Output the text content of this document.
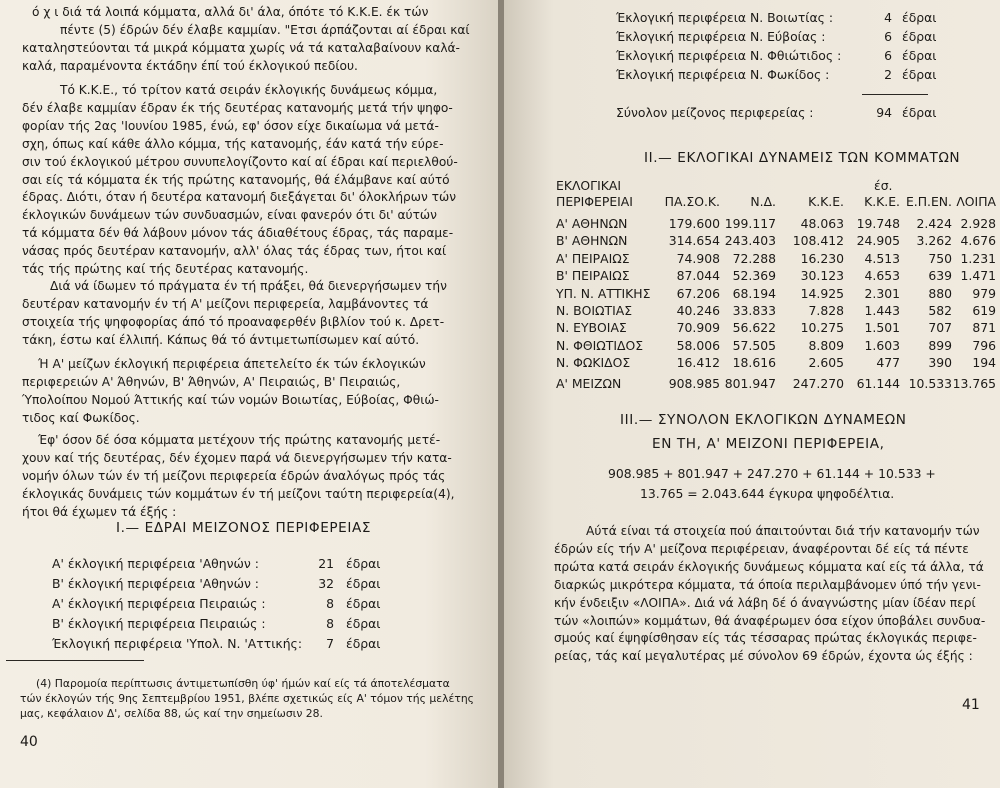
ό χ ι διά τά λοιπά κόμματα, αλλά δι' άλα, όπότε τό Κ.Κ.Ε. έκ τών
πέντε (5) έδρών δέν έλαβε καμμίαν. "Ετσι άρπάζονται αί έδραι καί
καταληστεύονται τά μικρά κόμματα χωρίς νά τά καταλαβαίνουν καλά-
καλά, παραμένοντα έκτάδην έπί τού έκλογικού πεδίου.
Τό Κ.Κ.Ε., τό τρίτον κατά σειράν έκλογικής δυνάμεως κόμμα,
δέν έλαβε καμμίαν έδραν έκ τής δευτέρας κατανομής μετά τήν ψηφο-
φορίαν τής 2ας 'Ιουνίου 1985, ένώ, εφ' όσον είχε δικαίωμα νά μετά-
σχη, όπως καί κάθε άλλο κόμμα, τής κατανομής, έάν κατά τήν εύρε-
σιν τού έκλογικού μέτρου συνυπελογίζοντο καί αί έδραι καί περιελθού-
σαι είς τά κόμματα έκ τής πρώτης κατανομής, θά έλάμβανε καί αύτό
έδρας. Διότι, όταν ή δευτέρα κατανομή διεξάγεται δι' όλοκλήρων τών
έκλογικών δυνάμεων τών συνδυασμών, είναι φανερόν ότι δι' αύτών
τά κόμματα δέν θά λάβουν μόνον τάς άδιαθέτους έδρας, τάς παραμε-
νάσας πρός δευτέραν κατανομήν, αλλ' όλας τάς έδρας των, ήτοι καί
τάς τής πρώτης καί τής δευτέρας κατανομής.
Διά νά ίδωμεν τό πράγματα έν τή πράξει, θά διενεργήσωμεν τήν
δευτέραν κατανομήν έν τή Α' μείζονι περιφερεία, λαμβάνοντες τά
στοιχεία τής ψηφοφορίας άπό τό προαναφερθέν βιβλίον τού κ. Δρετ-
τάκη, έστω καί έλλιπή. Κάπως θά τό άντιμετωπίσωμεν καί αύτό.
Ή Α' μείζων έκλογική περιφέρεια άπετελείτο έκ τών έκλογικών
περιφερειών Α' Άθηνών, Β' Άθηνών, Α' Πειραιώς, Β' Πειραιώς,
Ύπολοίπου Νομού Άττικής καί τών νομών Βοιωτίας, Εύβοίας, Φθιώ-
τιδος καί Φωκίδος.
Έφ' όσον δέ όσα κόμματα μετέχουν τής πρώτης κατανομής μετέ-
χουν καί τής δευτέρας, δέν έχομεν παρά νά διενεργήσωμεν τήν κατα-
νομήν όλων τών έν τή μείζονι περιφερεία έδρών άναλόγως πρός τάς
έκλογικάς δυνάμεις τών κομμάτων έν τή μείζονι ταύτη περιφερεία(4),
ήτοι θά έχωμεν τά έξής :
Ι.— ΕΔΡΑΙ ΜΕΙΖΟΝΟΣ ΠΕΡΙΦΕΡΕΙΑΣ
Α' έκλογική περιφέρεια 'Αθηνών :	21 έδραι
Β' έκλογική περιφέρεια 'Αθηνών :	32 έδραι
Α' έκλογική περιφέρεια Πειραιώς :	8 έδραι
Β' έκλογική περιφέρεια Πειραιώς :	8 έδραι
Έκλογική περιφέρεια 'Υπολ. Ν. 'Αττικής:	7 έδραι
(4) Παρομοία περίπτωσις άντιμετωπίσθη ύφ' ήμών καί είς τά άποτελέσματα
τών έκλογών τής 9ης Σεπτεμβρίου 1951, βλέπε σχετικώς είς Α' τόμον τής μελέτης
μας, κεφάλαιον Δ', σελίδα 88, ώς καί την σημείωσιν 28.
40
Έκλογική περιφέρεια Ν. Βοιωτίας :	4 έδραι
Έκλογική περιφέρεια Ν. Εύβοίας :	6 έδραι
Έκλογική περιφέρεια Ν. Φθιώτιδος :	6 έδραι
Έκλογική περιφέρεια Ν. Φωκίδος :	2 έδραι
Σύνολον μείζονος περιφερείας :	94 έδραι
ΙΙ.— ΕΚΛΟΓΙΚΑΙ ΔΥΝΑΜΕΙΣ ΤΩΝ ΚΟΜΜΑΤΩΝ
ΕΚΛΟΓΙΚΑΙ	έσ.
ΠΕΡΙΦΕΡΕΙΑΙ	ΠΑ.ΣΟ.Κ.	Ν.Δ.	Κ.Κ.Ε.	Κ.Κ.Ε. Ε.Π.ΕΝ. ΛΟΙΠΑ
Α' ΑΘΗΝΩΝ	179.600 199.117	48.063	19.748	2.424 2.928
Β' ΑΘΗΝΩΝ	314.654 243.403	108.412	24.905	3.262 4.676
Α' ΠΕΙΡΑΙΩΣ	74.908	72.288	16.230	4.513	750 1.231
Β' ΠΕΙΡΑΙΩΣ	87.044	52.369	30.123	4.653	639 1.471
ΥΠ. Ν. ΑΤΤΙΚΗΣ	67.206	68.194	14.925	2.301	880	979
Ν. ΒΟΙΩΤΙΑΣ	40.246	33.833	7.828	1.443	582	619
Ν. ΕΥΒΟΙΑΣ	70.909	56.622	10.275	1.501	707	871
Ν. ΦΘΙΩΤΙΔΟΣ	58.006	57.505	8.809	1.603	899	796
Ν. ΦΩΚΙΔΟΣ	16.412	18.616	2.605	477	390	194
Α' ΜΕΙΖΩΝ	908.985 801.947	247.270	61.144 10.533 13.765
ΙΙΙ.— ΣΥΝΟΛΟΝ ΕΚΛΟΓΙΚΩΝ ΔΥΝΑΜΕΩΝ
ΕΝ ΤΗ, Α' ΜΕΙΖΟΝΙ ΠΕΡΙΦΕΡΕΙΑ,
908.985 + 801.947 + 247.270 + 61.144 + 10.533 +
13.765 = 2.043.644 έγκυρα ψηφοδέλτια.
Αύτά είναι τά στοιχεία πού άπαιτούνται διά τήν κατανομήν τών
έδρών είς τήν Α' μείζονα περιφέρειαν, άναφέρονται δέ είς τά πέντε
πρώτα κατά σειράν έκλογικής δυνάμεως κόμματα καί είς τά άλλα, τά
διαρκώς μικρότερα κόμματα, τά όποία περιλαμβάνομεν ύπό τήν γενι-
κήν ένδειξιν «ΛΟΙΠΑ». Διά νά λάβη δέ ό άναγνώστης μίαν ίδέαν περί
τών «λοιπών» κομμάτων, θά άναφέρωμεν όσα είχον ύποβάλει συνδυα-
σμούς καί έψηφίσθησαν είς τάς τέσσαρας πρώτας έκλογικάς περιφε-
ρείας, τάς καί μεγαλυτέρας μέ σύνολον 69 έδρών, έχοντα ώς έξής :
41
